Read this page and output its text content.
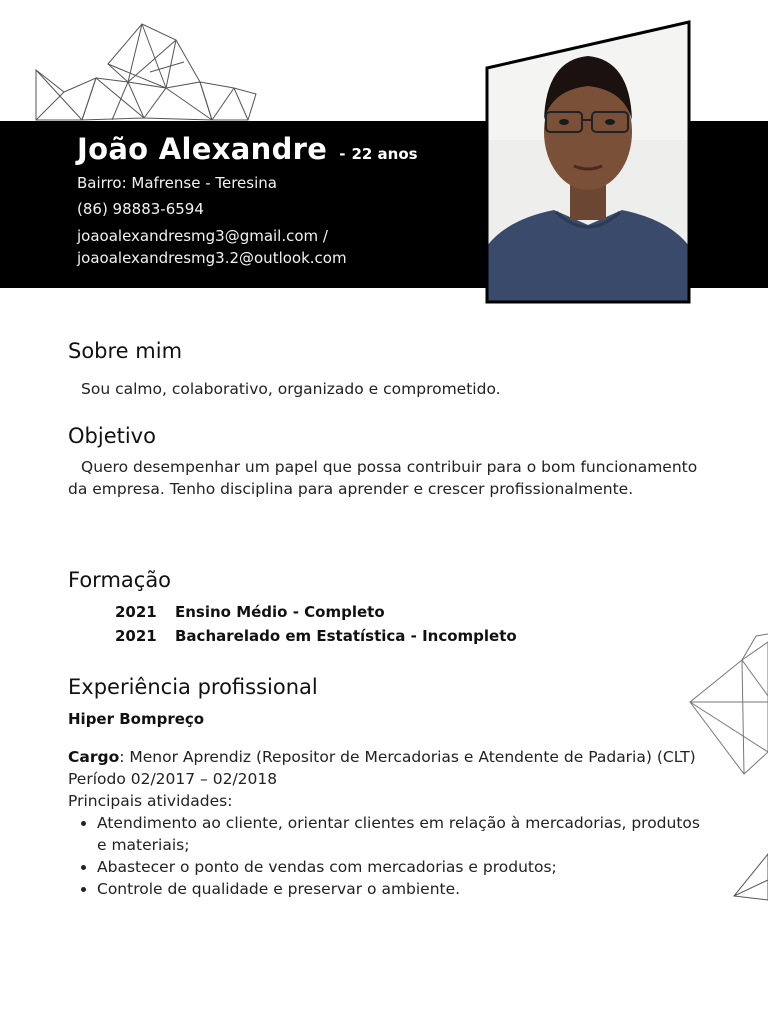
João Alexandre - 22 anos
Bairro: Mafrense - Teresina
(86) 98883-6594
joaoalexandresmg3@gmail.com /
joaoalexandresmg3.2@outlook.com
Sobre mim
Sou calmo, colaborativo, organizado e comprometido.
Objetivo
Quero desempenhar um papel que possa contribuir para o bom funcionamento da empresa. Tenho disciplina para aprender e crescer profissionalmente.
Formação
2021 Ensino Médio - Completo
2021 Bacharelado em Estatística - Incompleto
Experiência profissional
Hiper Bompreço
Cargo: Menor Aprendiz (Repositor de Mercadorias e Atendente de Padaria) (CLT)
Período 02/2017 – 02/2018
Principais atividades:
• Atendimento ao cliente, orientar clientes em relação à mercadorias, produtos e materiais;
• Abastecer o ponto de vendas com mercadorias e produtos;
• Controle de qualidade e preservar o ambiente.
